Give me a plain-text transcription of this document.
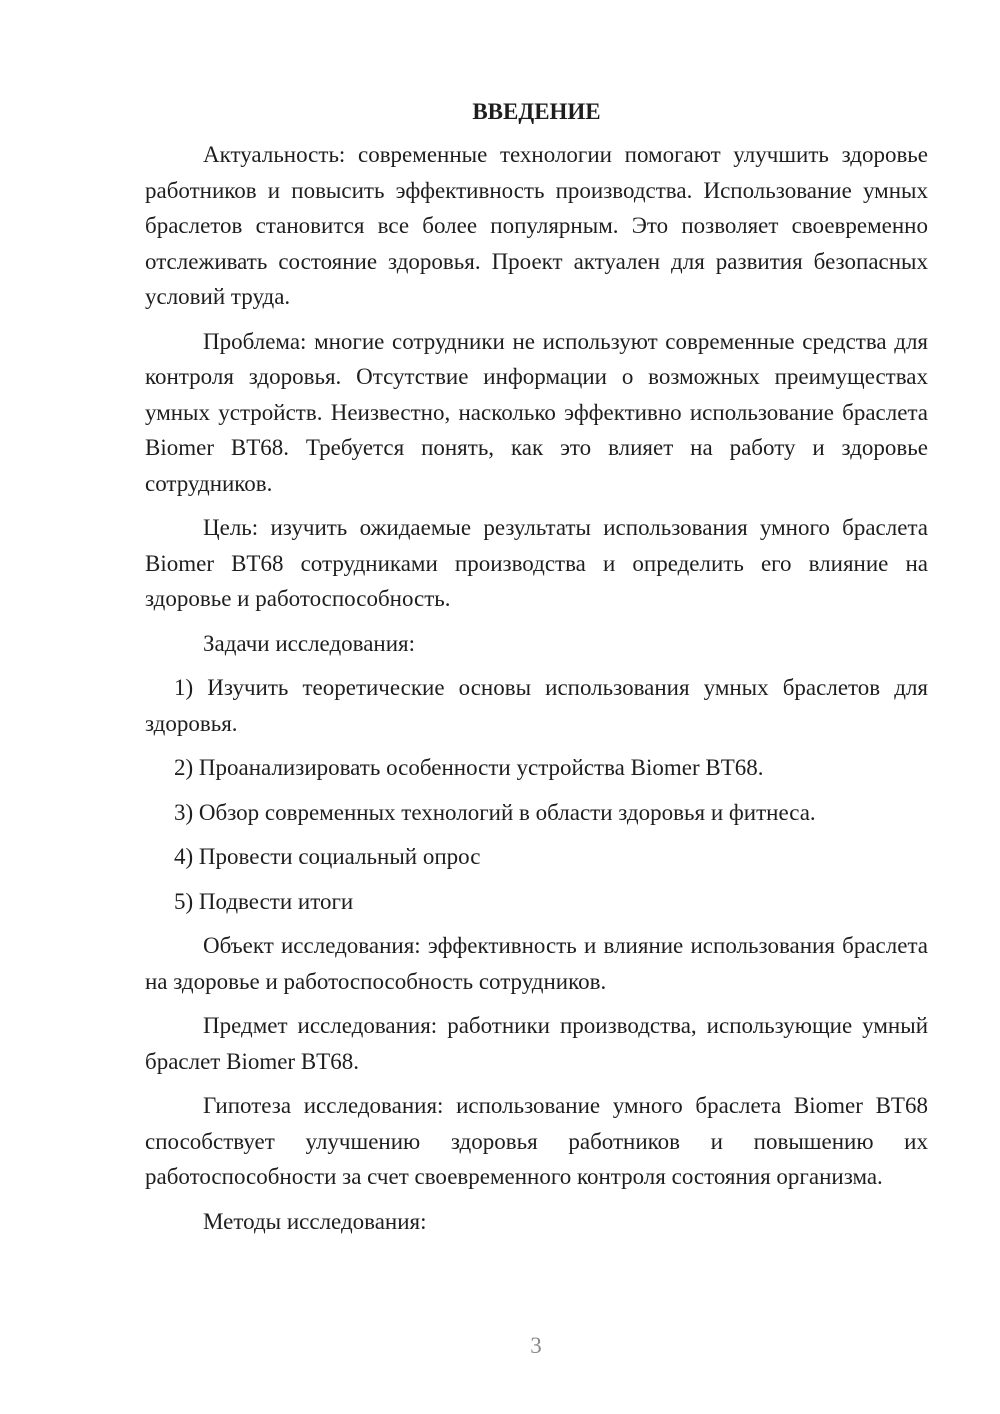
ВВЕДЕНИЕ

Актуальность: современные технологии помогают улучшить здоровье работников и повысить эффективность производства. Использование умных браслетов становится все более популярным. Это позволяет своевременно отслеживать состояние здоровья. Проект актуален для развития безопасных условий труда.

Проблема: многие сотрудники не используют современные средства для контроля здоровья. Отсутствие информации о возможных преимуществах умных устройств. Неизвестно, насколько эффективно использование браслета Biomer BT68. Требуется понять, как это влияет на работу и здоровье сотрудников.

Цель: изучить ожидаемые результаты использования умного браслета Biomer BT68 сотрудниками производства и определить его влияние на здоровье и работоспособность.

Задачи исследования:

1) Изучить теоретические основы использования умных браслетов для здоровья.

2) Проанализировать особенности устройства Biomer BT68.

3) Обзор современных технологий в области здоровья и фитнеса.

4) Провести социальный опрос

5) Подвести итоги

Объект исследования: эффективность и влияние использования браслета на здоровье и работоспособность сотрудников.

Предмет исследования: работники производства, использующие умный браслет Biomer BT68.

Гипотеза исследования: использование умного браслета Biomer BT68 способствует улучшению здоровья работников и повышению их работоспособности за счет своевременного контроля состояния организма.

Методы исследования:

3
